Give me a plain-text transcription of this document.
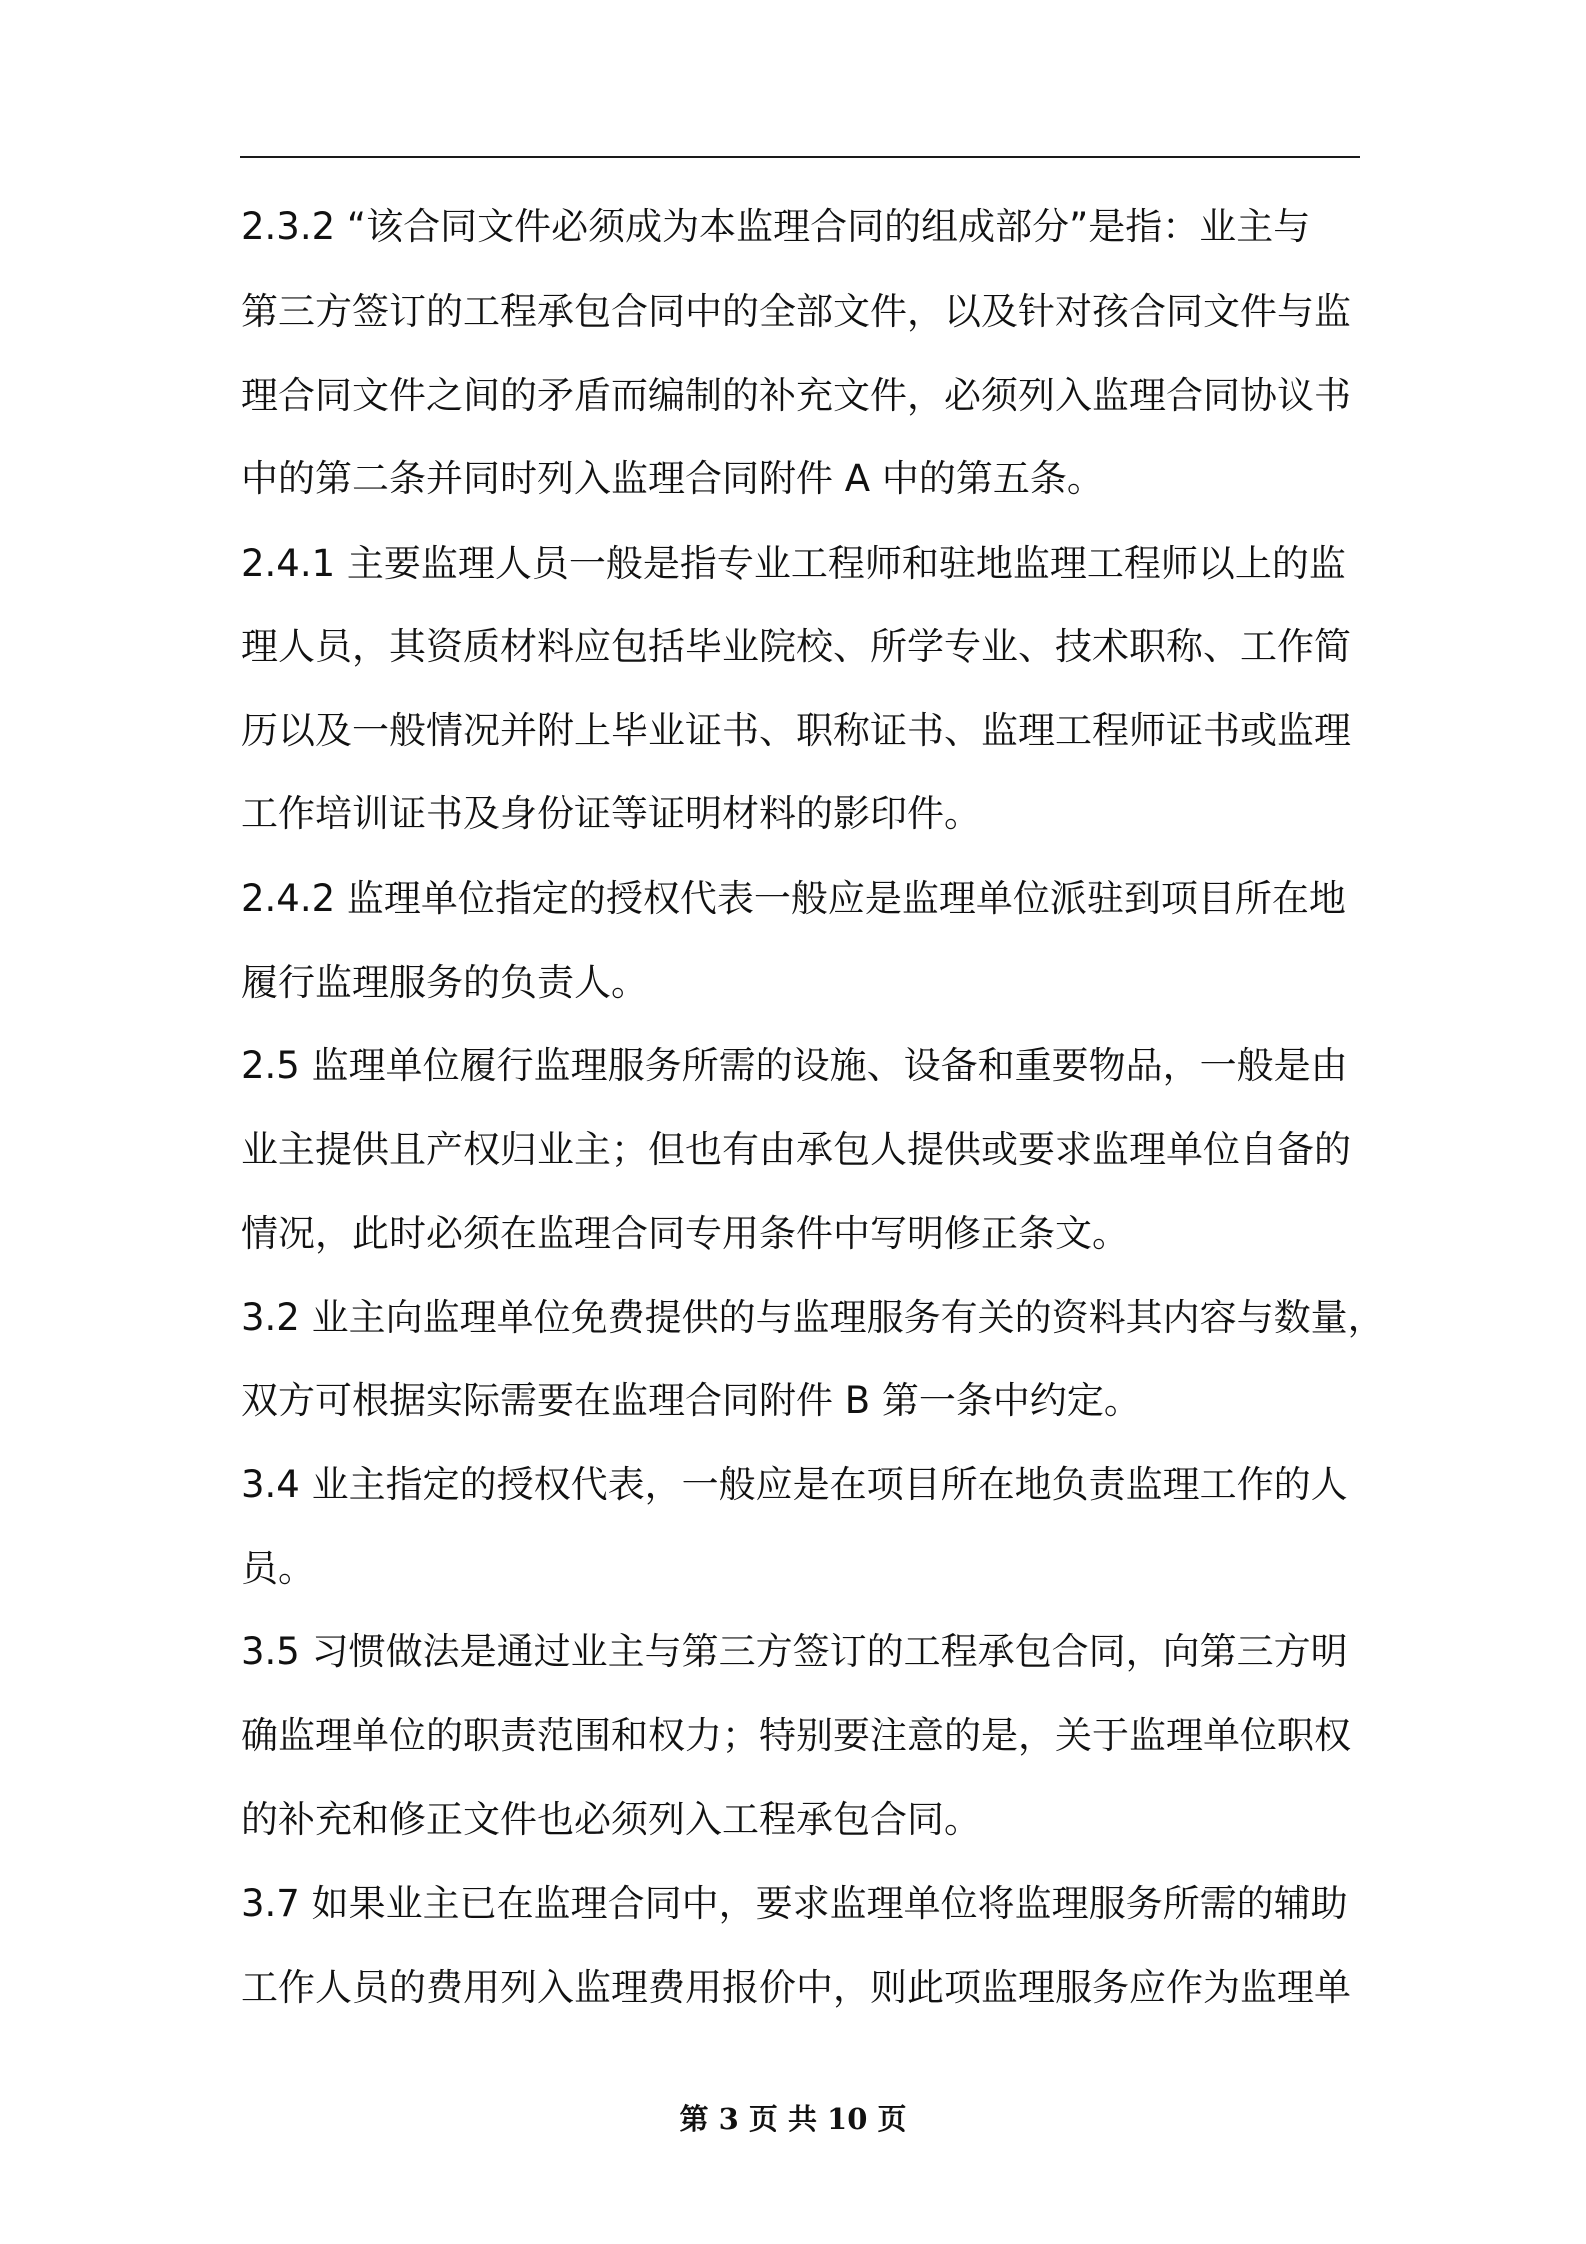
2.3.2 “该合同文件必须成为本监理合同的组成部分”是指：业主与

第三方签订的工程承包合同中的全部文件，以及针对孩合同文件与监

理合同文件之间的矛盾而编制的补充文件，必须列入监理合同协议书

中的第二条并同时列入监理合同附件 A 中的第五条。

2.4.1 主要监理人员一般是指专业工程师和驻地监理工程师以上的监

理人员，其资质材料应包括毕业院校、所学专业、技术职称、工作简

历以及一般情况并附上毕业证书、职称证书、监理工程师证书或监理

工作培训证书及身份证等证明材料的影印件。

2.4.2 监理单位指定的授权代表一般应是监理单位派驻到项目所在地

履行监理服务的负责人。

2.5 监理单位履行监理服务所需的设施、设备和重要物品，一般是由

业主提供且产权归业主；但也有由承包人提供或要求监理单位自备的

情况，此时必须在监理合同专用条件中写明修正条文。

3.2 业主向监理单位免费提供的与监理服务有关的资料其内容与数量，

双方可根据实际需要在监理合同附件 B 第一条中约定。

3.4 业主指定的授权代表，一般应是在项目所在地负责监理工作的人

员。

3.5 习惯做法是通过业主与第三方签订的工程承包合同，向第三方明

确监理单位的职责范围和权力；特别要注意的是，关于监理单位职权

的补充和修正文件也必须列入工程承包合同。

3.7 如果业主已在监理合同中，要求监理单位将监理服务所需的辅助

工作人员的费用列入监理费用报价中，则此项监理服务应作为监理单

第 3 页 共 10 页
